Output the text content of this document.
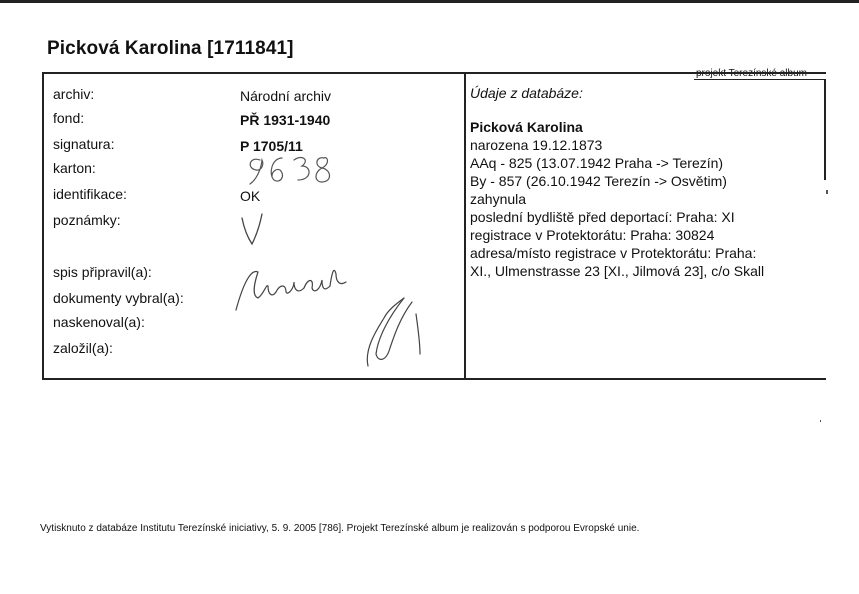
Picková Karolina [1711841]
projekt Terezínské album
archiv:
fond:
signatura:
karton:
identifikace:
poznámky:
spis připravil(a):
dokumenty vybral(a):
naskenoval(a):
založil(a):
Národní archiv
PŘ 1931-1940
P 1705/11
OK
Údaje z databáze:
Picková Karolina
narozena 19.12.1873
AAq - 825 (13.07.1942 Praha -> Terezín)
By - 857 (26.10.1942 Terezín -> Osvětim)
zahynula
poslední bydliště před deportací: Praha: XI
registrace v Protektorátu: Praha: 30824
adresa/místo registrace v Protektorátu: Praha:
XI., Ulmenstrasse 23 [XI., Jilmová 23], c/o Skall
Vytisknuto z databáze Institutu Terezínské iniciativy, 5. 9. 2005 [786]. Projekt Terezínské album je realizován s podporou Evropské unie.
